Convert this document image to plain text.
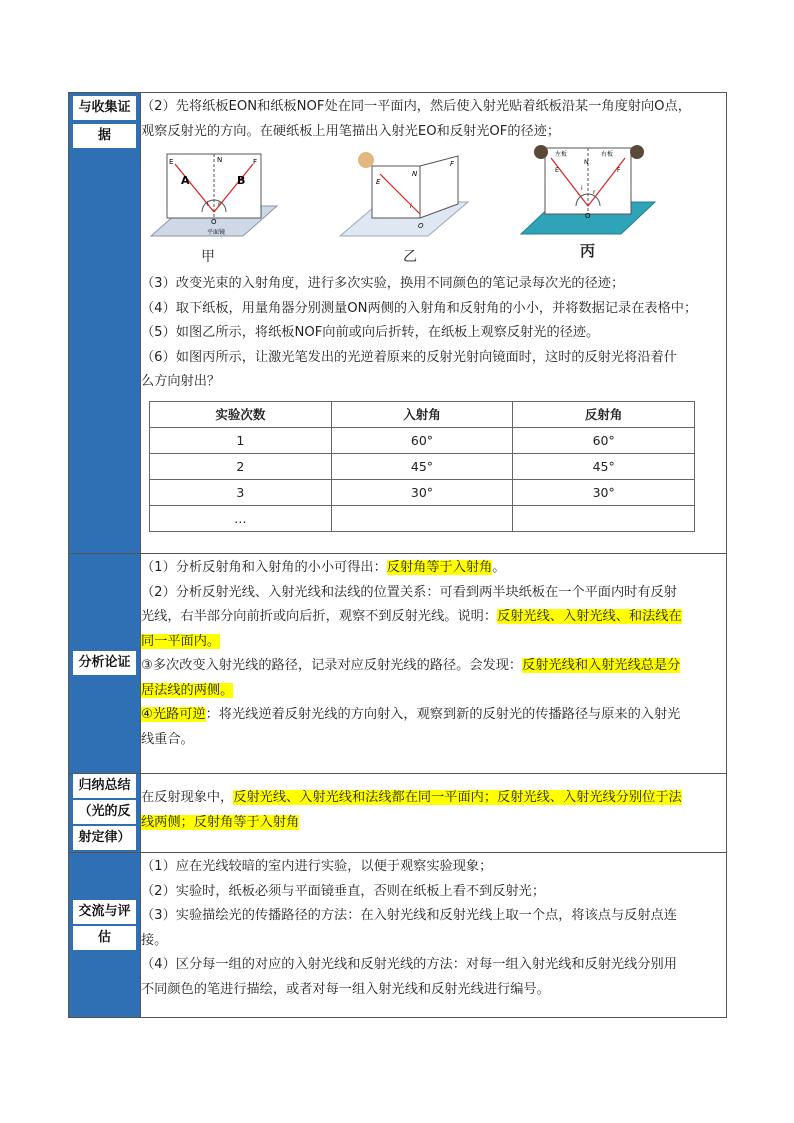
与收集证
据

（2）先将纸板EON和纸板NOF处在同一平面内，然后使入射光贴着纸板沿某一角度射向O点，

观察反射光的方向。在硬纸板上用笔描出入射光EO和反射光OF的径迹；

A	B
E	N	F
O
i r
平面镜
甲
E
N
F
i
O
乙
左板	右板
N
E	F
i
r
O
丙

（3）改变光束的入射角度，进行多次实验，换用不同颜色的笔记录每次光的径迹；

（4）取下纸板，用量角器分别测量ON两侧的入射角和反射角的小小，并将数据记录在表格中；

（5）如图乙所示，将纸板NOF向前或向后折转，在纸板上观察反射光的径迹。

（6）如图丙所示，让激光笔发出的光逆着原来的反射光射向镜面时，这时的反射光将沿着什

么方向射出？

实验次数	入射角	反射角
1	60°	60°
2	45°	45°
3	30°	30°
…		

分析论证

（1）分析反射角和入射角的小小可得出：反射角等于入射角。

（2）分析反射光线、入射光线和法线的位置关系：可看到两半块纸板在一个平面内时有反射

光线，右半部分向前折或向后折，观察不到反射光线。说明：反射光线、入射光线、和法线在

同一平面内。

③多次改变入射光线的路径，记录对应反射光线的路径。会发现：反射光线和入射光线总是分

居法线的两侧。

④光路可逆：将光线逆着反射光线的方向射入，观察到新的反射光的传播路径与原来的入射光

线重合。

归纳总结
（光的反
射定律）

在反射现象中，反射光线、入射光线和法线都在同一平面内；反射光线、入射光线分别位于法

线两侧；反射角等于入射角

交流与评
估

（1）应在光线较暗的室内进行实验，以便于观察实验现象；

（2）实验时，纸板必须与平面镜垂直，否则在纸板上看不到反射光；

（3）实验描绘光的传播路径的方法：在入射光线和反射光线上取一个点，将该点与反射点连

接。

（4）区分每一组的对应的入射光线和反射光线的方法：对每一组入射光线和反射光线分别用

不同颜色的笔进行描绘，或者对每一组入射光线和反射光线进行编号。
